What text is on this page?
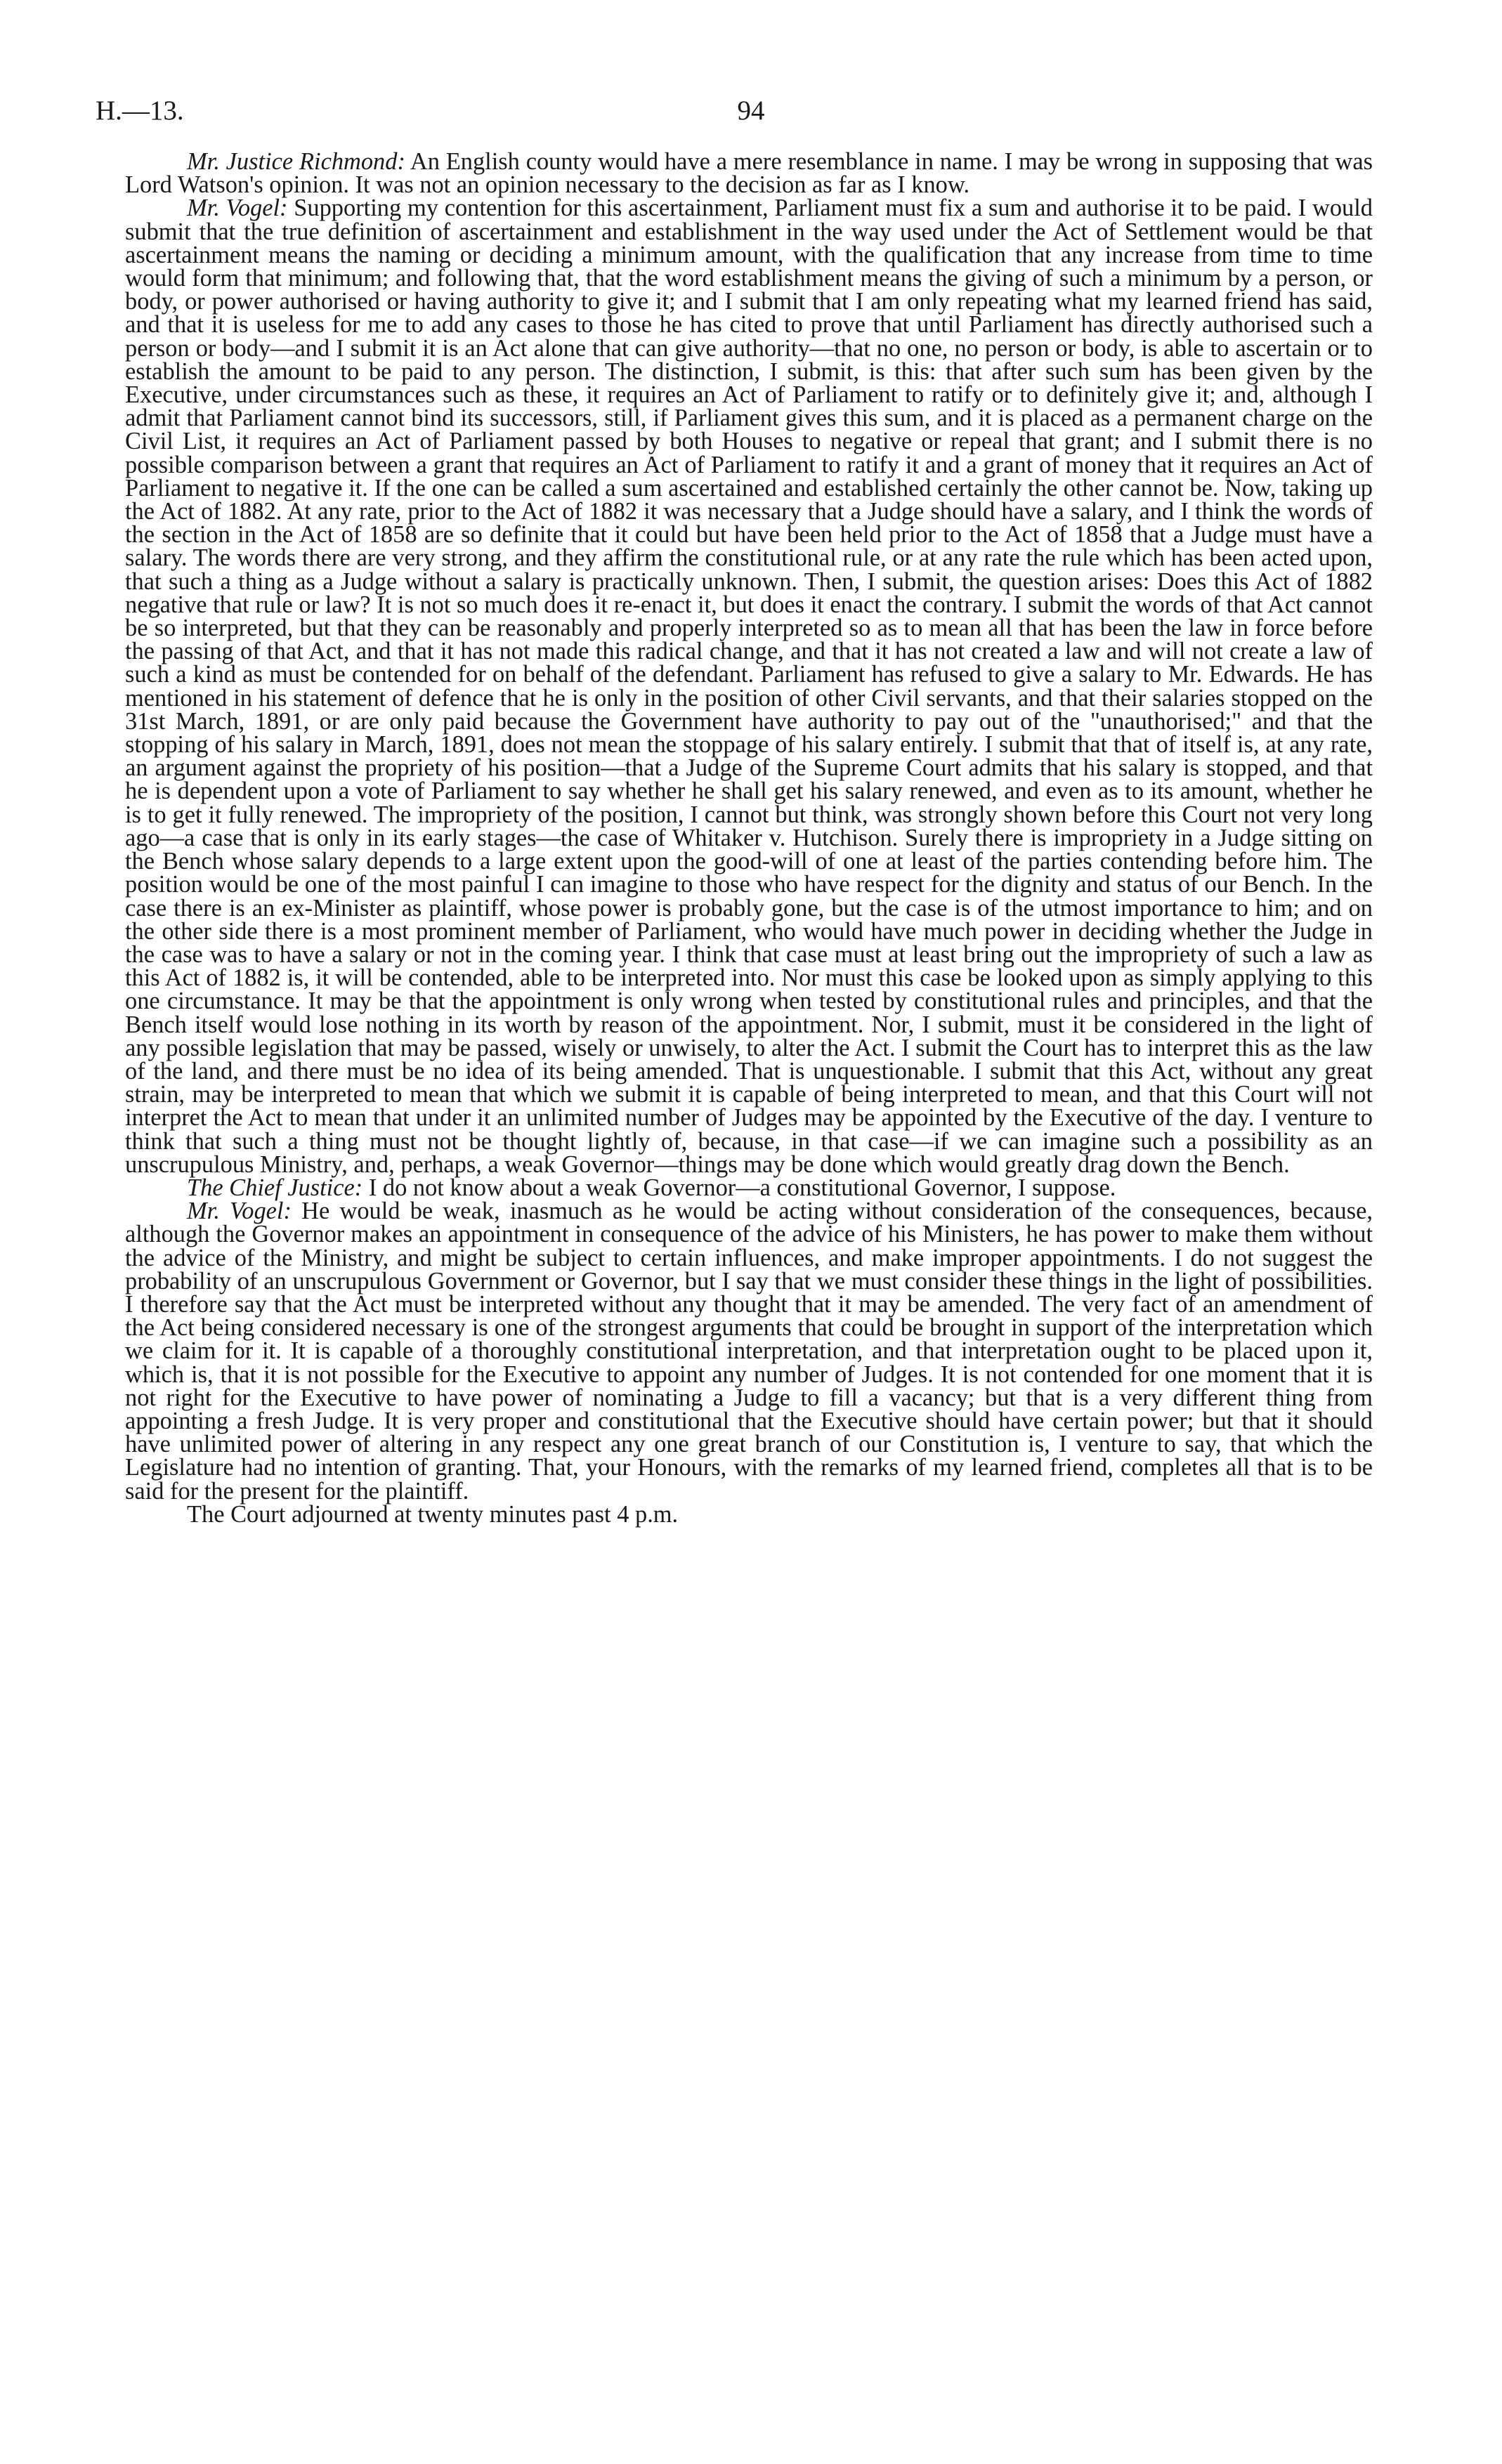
H.—13.	94

Mr. Justice Richmond: An English county would have a mere resemblance in name. I may be wrong in supposing that was Lord Watson's opinion. It was not an opinion necessary to the decision as far as I know.

Mr. Vogel: Supporting my contention for this ascertainment, Parliament must fix a sum and authorise it to be paid. I would submit that the true definition of ascertainment and establishment in the way used under the Act of Settlement would be that ascertainment means the naming or deciding a minimum amount, with the qualification that any increase from time to time would form that minimum; and following that, that the word establishment means the giving of such a minimum by a person, or body, or power authorised or having authority to give it; and I submit that I am only repeating what my learned friend has said, and that it is useless for me to add any cases to those he has cited to prove that until Parliament has directly authorised such a person or body—and I submit it is an Act alone that can give authority—that no one, no person or body, is able to ascertain or to establish the amount to be paid to any person. The distinction, I submit, is this: that after such sum has been given by the Executive, under circumstances such as these, it requires an Act of Parliament to ratify or to definitely give it; and, although I admit that Parliament cannot bind its successors, still, if Parliament gives this sum, and it is placed as a permanent charge on the Civil List, it requires an Act of Parliament passed by both Houses to negative or repeal that grant; and I submit there is no possible comparison between a grant that requires an Act of Parliament to ratify it and a grant of money that it requires an Act of Parliament to negative it. If the one can be called a sum ascertained and established certainly the other cannot be. Now, taking up the Act of 1882. At any rate, prior to the Act of 1882 it was necessary that a Judge should have a salary, and I think the words of the section in the Act of 1858 are so definite that it could but have been held prior to the Act of 1858 that a Judge must have a salary. The words there are very strong, and they affirm the constitutional rule, or at any rate the rule which has been acted upon, that such a thing as a Judge without a salary is practically unknown. Then, I submit, the question arises: Does this Act of 1882 negative that rule or law? It is not so much does it re-enact it, but does it enact the contrary. I submit the words of that Act cannot be so interpreted, but that they can be reasonably and properly interpreted so as to mean all that has been the law in force before the passing of that Act, and that it has not made this radical change, and that it has not created a law and will not create a law of such a kind as must be contended for on behalf of the defendant. Parliament has refused to give a salary to Mr. Edwards. He has mentioned in his statement of defence that he is only in the position of other Civil servants, and that their salaries stopped on the 31st March, 1891, or are only paid because the Government have authority to pay out of the "unauthorised;" and that the stopping of his salary in March, 1891, does not mean the stoppage of his salary entirely. I submit that that of itself is, at any rate, an argument against the propriety of his position—that a Judge of the Supreme Court admits that his salary is stopped, and that he is dependent upon a vote of Parliament to say whether he shall get his salary renewed, and even as to its amount, whether he is to get it fully renewed. The impropriety of the position, I cannot but think, was strongly shown before this Court not very long ago—a case that is only in its early stages—the case of Whitaker v. Hutchison. Surely there is impropriety in a Judge sitting on the Bench whose salary depends to a large extent upon the good-will of one at least of the parties contending before him. The position would be one of the most painful I can imagine to those who have respect for the dignity and status of our Bench. In the case there is an ex-Minister as plaintiff, whose power is probably gone, but the case is of the utmost importance to him; and on the other side there is a most prominent member of Parliament, who would have much power in deciding whether the Judge in the case was to have a salary or not in the coming year. I think that case must at least bring out the impropriety of such a law as this Act of 1882 is, it will be contended, able to be interpreted into. Nor must this case be looked upon as simply applying to this one circumstance. It may be that the appointment is only wrong when tested by constitutional rules and principles, and that the Bench itself would lose nothing in its worth by reason of the appointment. Nor, I submit, must it be considered in the light of any possible legislation that may be passed, wisely or unwisely, to alter the Act. I submit the Court has to interpret this as the law of the land, and there must be no idea of its being amended. That is unquestionable. I submit that this Act, without any great strain, may be interpreted to mean that which we submit it is capable of being interpreted to mean, and that this Court will not interpret the Act to mean that under it an unlimited number of Judges may be appointed by the Executive of the day. I venture to think that such a thing must not be thought lightly of, because, in that case—if we can imagine such a possibility as an unscrupulous Ministry, and, perhaps, a weak Governor—things may be done which would greatly drag down the Bench.

The Chief Justice: I do not know about a weak Governor—a constitutional Governor, I suppose.

Mr. Vogel: He would be weak, inasmuch as he would be acting without consideration of the consequences, because, although the Governor makes an appointment in consequence of the advice of his Ministers, he has power to make them without the advice of the Ministry, and might be subject to certain influences, and make improper appointments. I do not suggest the probability of an unscrupulous Government or Governor, but I say that we must consider these things in the light of possibilities. I therefore say that the Act must be interpreted without any thought that it may be amended. The very fact of an amendment of the Act being considered necessary is one of the strongest arguments that could be brought in support of the interpretation which we claim for it. It is capable of a thoroughly constitutional interpretation, and that interpretation ought to be placed upon it, which is, that it is not possible for the Executive to appoint any number of Judges. It is not contended for one moment that it is not right for the Executive to have power of nominating a Judge to fill a vacancy; but that is a very different thing from appointing a fresh Judge. It is very proper and constitutional that the Executive should have certain power; but that it should have unlimited power of altering in any respect any one great branch of our Constitution is, I venture to say, that which the Legislature had no intention of granting. That, your Honours, with the remarks of my learned friend, completes all that is to be said for the present for the plaintiff.

The Court adjourned at twenty minutes past 4 p.m.
